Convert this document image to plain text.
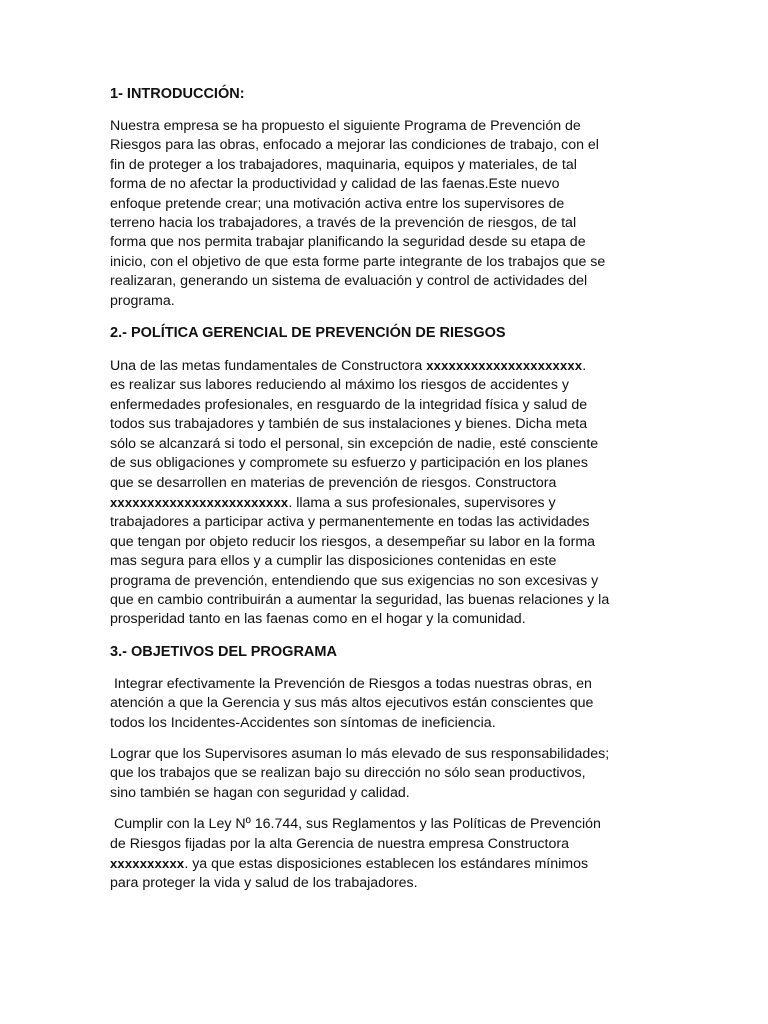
1- INTRODUCCIÓN:
Nuestra empresa se ha propuesto el siguiente Programa de Prevención de
Riesgos para las obras, enfocado a mejorar las condiciones de trabajo, con el
fin de proteger a los trabajadores, maquinaria, equipos y materiales, de tal
forma de no afectar la productividad y calidad de las faenas.Este nuevo
enfoque pretende crear; una motivación activa entre los supervisores de
terreno hacia los trabajadores, a través de la prevención de riesgos, de tal
forma que nos permita trabajar planificando la seguridad desde su etapa de
inicio, con el objetivo de que esta forme parte integrante de los trabajos que se
realizaran, generando un sistema de evaluación y control de actividades del
programa.
2.- POLÍTICA GERENCIAL DE PREVENCIÓN DE RIESGOS
Una de las metas fundamentales de Constructora xxxxxxxxxxxxxxxxxxxxx.
es realizar sus labores reduciendo al máximo los riesgos de accidentes y
enfermedades profesionales, en resguardo de la integridad física y salud de
todos sus trabajadores y también de sus instalaciones y bienes. Dicha meta
sólo se alcanzará si todo el personal, sin excepción de nadie, esté consciente
de sus obligaciones y compromete su esfuerzo y participación en los planes
que se desarrollen en materias de prevención de riesgos. Constructora
xxxxxxxxxxxxxxxxxxxxxxxx. llama a sus profesionales, supervisores y
trabajadores a participar activa y permanentemente en todas las actividades
que tengan por objeto reducir los riesgos, a desempeñar su labor en la forma
mas segura para ellos y a cumplir las disposiciones contenidas en este
programa de prevención, entendiendo que sus exigencias no son excesivas y
que en cambio contribuirán a aumentar la seguridad, las buenas relaciones y la
prosperidad tanto en las faenas como en el hogar y la comunidad.
3.- OBJETIVOS DEL PROGRAMA
Integrar efectivamente la Prevención de Riesgos a todas nuestras obras, en
atención a que la Gerencia y sus más altos ejecutivos están conscientes que
todos los Incidentes-Accidentes son síntomas de ineficiencia.
Lograr que los Supervisores asuman lo más elevado de sus responsabilidades;
que los trabajos que se realizan bajo su dirección no sólo sean productivos,
sino también se hagan con seguridad y calidad.
Cumplir con la Ley Nº 16.744, sus Reglamentos y las Políticas de Prevención
de Riesgos fijadas por la alta Gerencia de nuestra empresa Constructora
xxxxxxxxxx. ya que estas disposiciones establecen los estándares mínimos
para proteger la vida y salud de los trabajadores.
